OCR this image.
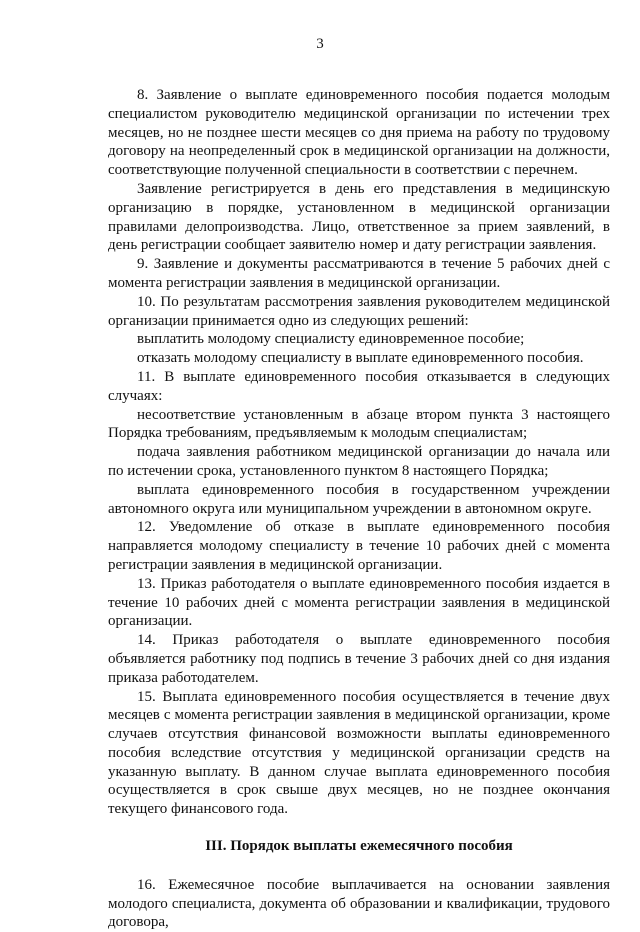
3

8. Заявление о выплате единовременного пособия подается молодым специалистом руководителю медицинской организации по истечении трех месяцев, но не позднее шести месяцев со дня приема на работу по трудовому договору на неопределенный срок в медицинской организации на должности, соответствующие полученной специальности в соответствии с перечнем.

Заявление регистрируется в день его представления в медицинскую организацию в порядке, установленном в медицинской организации правилами делопроизводства. Лицо, ответственное за прием заявлений, в день регистрации сообщает заявителю номер и дату регистрации заявления.

9. Заявление и документы рассматриваются в течение 5 рабочих дней с момента регистрации заявления в медицинской организации.

10. По результатам рассмотрения заявления руководителем медицинской организации принимается одно из следующих решений:

выплатить молодому специалисту единовременное пособие;

отказать молодому специалисту в выплате единовременного пособия.

11. В выплате единовременного пособия отказывается в следующих случаях:

несоответствие установленным в абзаце втором пункта 3 настоящего Порядка требованиям, предъявляемым к молодым специалистам;

подача заявления работником медицинской организации до начала или по истечении срока, установленного пунктом 8 настоящего Порядка;

выплата единовременного пособия в государственном учреждении автономного округа или муниципальном учреждении в автономном округе.

12. Уведомление об отказе в выплате единовременного пособия направляется молодому специалисту в течение 10 рабочих дней с момента регистрации заявления в медицинской организации.

13. Приказ работодателя о выплате единовременного пособия издается в течение 10 рабочих дней с момента регистрации заявления в медицинской организации.

14. Приказ работодателя о выплате единовременного пособия объявляется работнику под подпись в течение 3 рабочих дней со дня издания приказа работодателем.

15. Выплата единовременного пособия осуществляется в течение двух месяцев с момента регистрации заявления в медицинской организации, кроме случаев отсутствия финансовой возможности выплаты единовременного пособия вследствие отсутствия у медицинской организации средств на указанную выплату. В данном случае выплата единовременного пособия осуществляется в срок свыше двух месяцев, но не позднее окончания текущего финансового года.

III. Порядок выплаты ежемесячного пособия

16. Ежемесячное пособие выплачивается на основании заявления молодого специалиста, документа об образовании и квалификации, трудового договора,
